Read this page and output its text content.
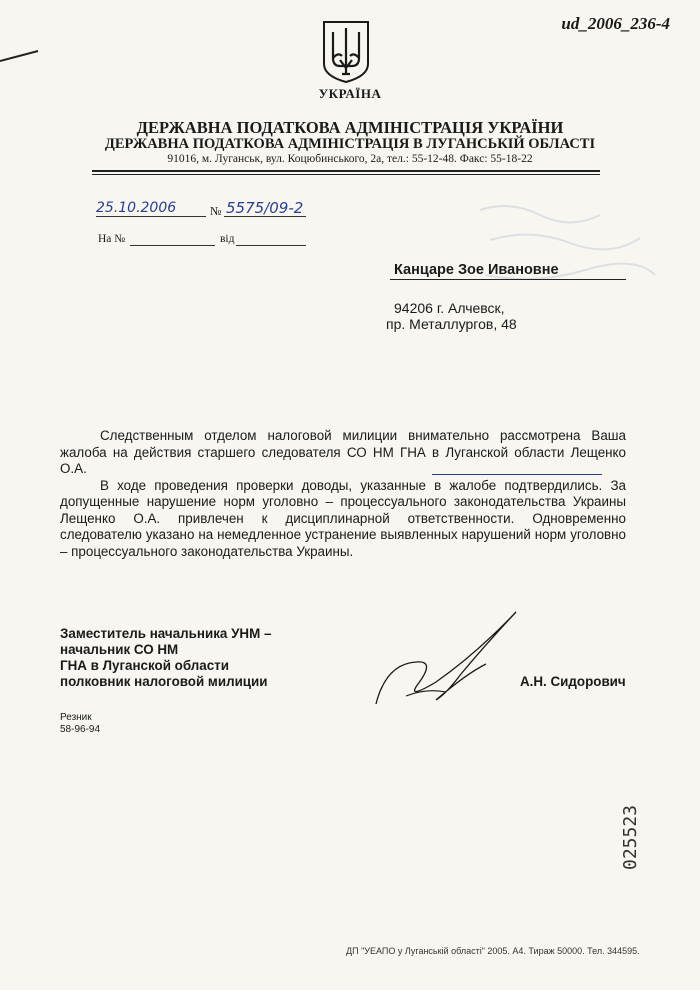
ud_2006_236-4
УКРАЇНА
ДЕРЖАВНА ПОДАТКОВА АДМІНІСТРАЦІЯ УКРАЇНИ
ДЕРЖАВНА ПОДАТКОВА АДМІНІСТРАЦІЯ В ЛУГАНСЬКІЙ ОБЛАСТІ
91016, м. Луганськ, вул. Коцюбинського, 2а, тел.: 55-12-48. Факс: 55-18-22
25.10.2006	№ 5575/09-2
На №	від
Канцаре Зое Ивановне
94206 г. Алчевск,
пр. Металлургов, 48

Следственным отделом налоговой милиции внимательно рассмотрена Ваша жалоба на действия старшего следователя СО НМ ГНА в Луганской области Лещенко О.А.

В ходе проведения проверки доводы, указанные в жалобе подтвердились. За допущенные нарушение норм уголовно – процессуального законодательства Украины Лещенко О.А. привлечен к дисциплинарной ответственности. Одновременно следователю указано на немедленное устранение выявленных нарушений норм уголовно – процессуального законодательства Украины.

Заместитель начальника УНМ –
начальник СО НМ
ГНА в Луганской области
полковник налоговой милиции	А.Н. Сидорович
Резник
58-96-94
025523
ДП "УЕАПО у Луганській області" 2005. А4. Тираж 50000. Тел. 344595.
